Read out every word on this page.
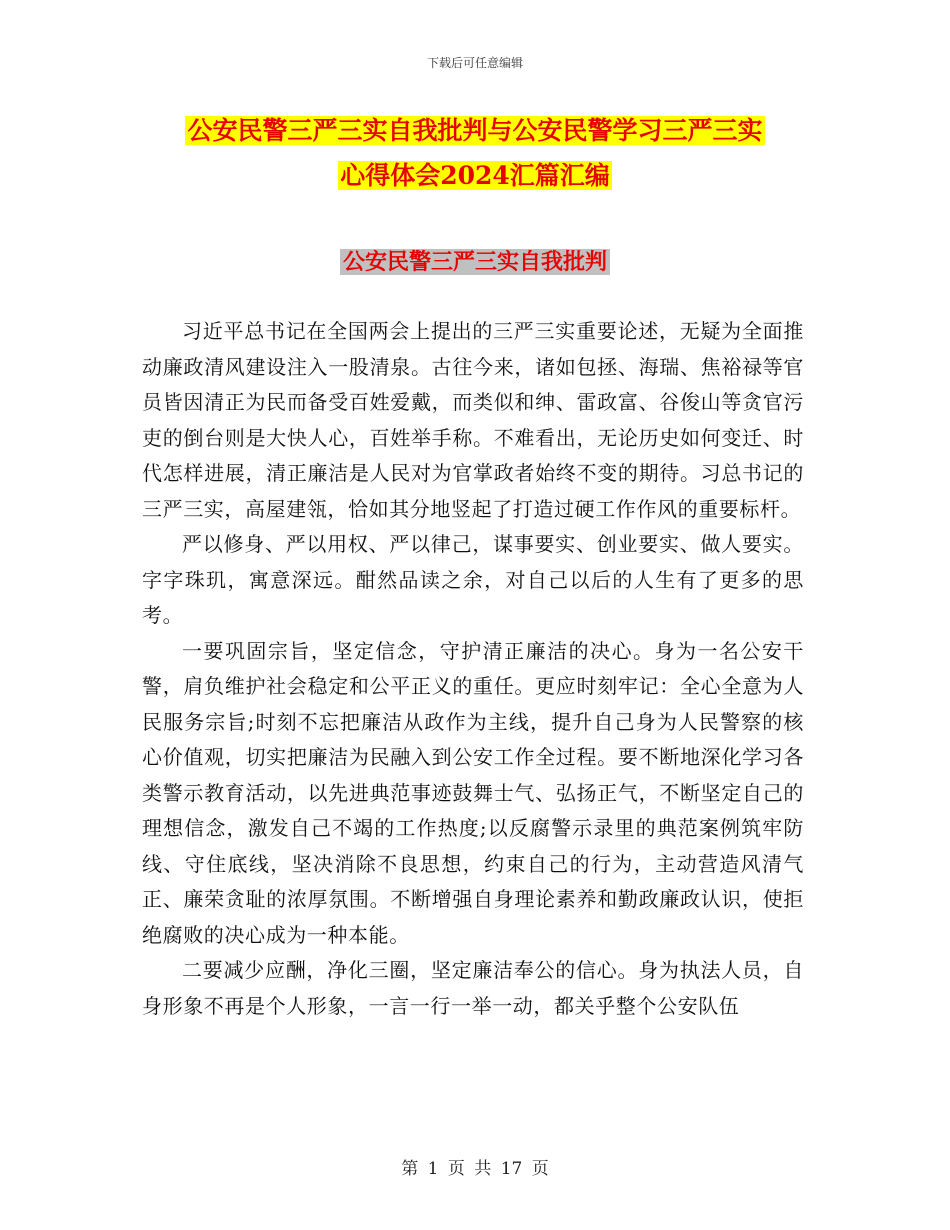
下载后可任意编辑
公安民警三严三实自我批判与公安民警学习三严三实
心得体会2024汇篇汇编
公安民警三严三实自我批判

习近平总书记在全国两会上提出的三严三实重要论述，无疑为全面推动廉政清风建设注入一股清泉。古往今来，诸如包拯、海瑞、焦裕禄等官员皆因清正为民而备受百姓爱戴，而类似和绅、雷政富、谷俊山等贪官污吏的倒台则是大快人心，百姓举手称。不难看出，无论历史如何变迁、时代怎样进展，清正廉洁是人民对为官掌政者始终不变的期待。习总书记的三严三实，高屋建瓴，恰如其分地竖起了打造过硬工作作风的重要标杆。

严以修身、严以用权、严以律己，谋事要实、创业要实、做人要实。字字珠玑，寓意深远。酣然品读之余，对自己以后的人生有了更多的思考。

一要巩固宗旨，坚定信念，守护清正廉洁的决心。身为一名公安干警，肩负维护社会稳定和公平正义的重任。更应时刻牢记：全心全意为人民服务宗旨;时刻不忘把廉洁从政作为主线，提升自己身为人民警察的核心价值观，切实把廉洁为民融入到公安工作全过程。要不断地深化学习各类警示教育活动，以先进典范事迹鼓舞士气、弘扬正气，不断坚定自己的理想信念，激发自己不竭的工作热度;以反腐警示录里的典范案例筑牢防线、守住底线，坚决消除不良思想，约束自己的行为，主动营造风清气正、廉荣贪耻的浓厚氛围。不断增强自身理论素养和勤政廉政认识，使拒绝腐败的决心成为一种本能。

二要减少应酬，净化三圈，坚定廉洁奉公的信心。身为执法人员，自身形象不再是个人形象，一言一行一举一动，都关乎整个公安队伍

第 1 页 共 17 页
